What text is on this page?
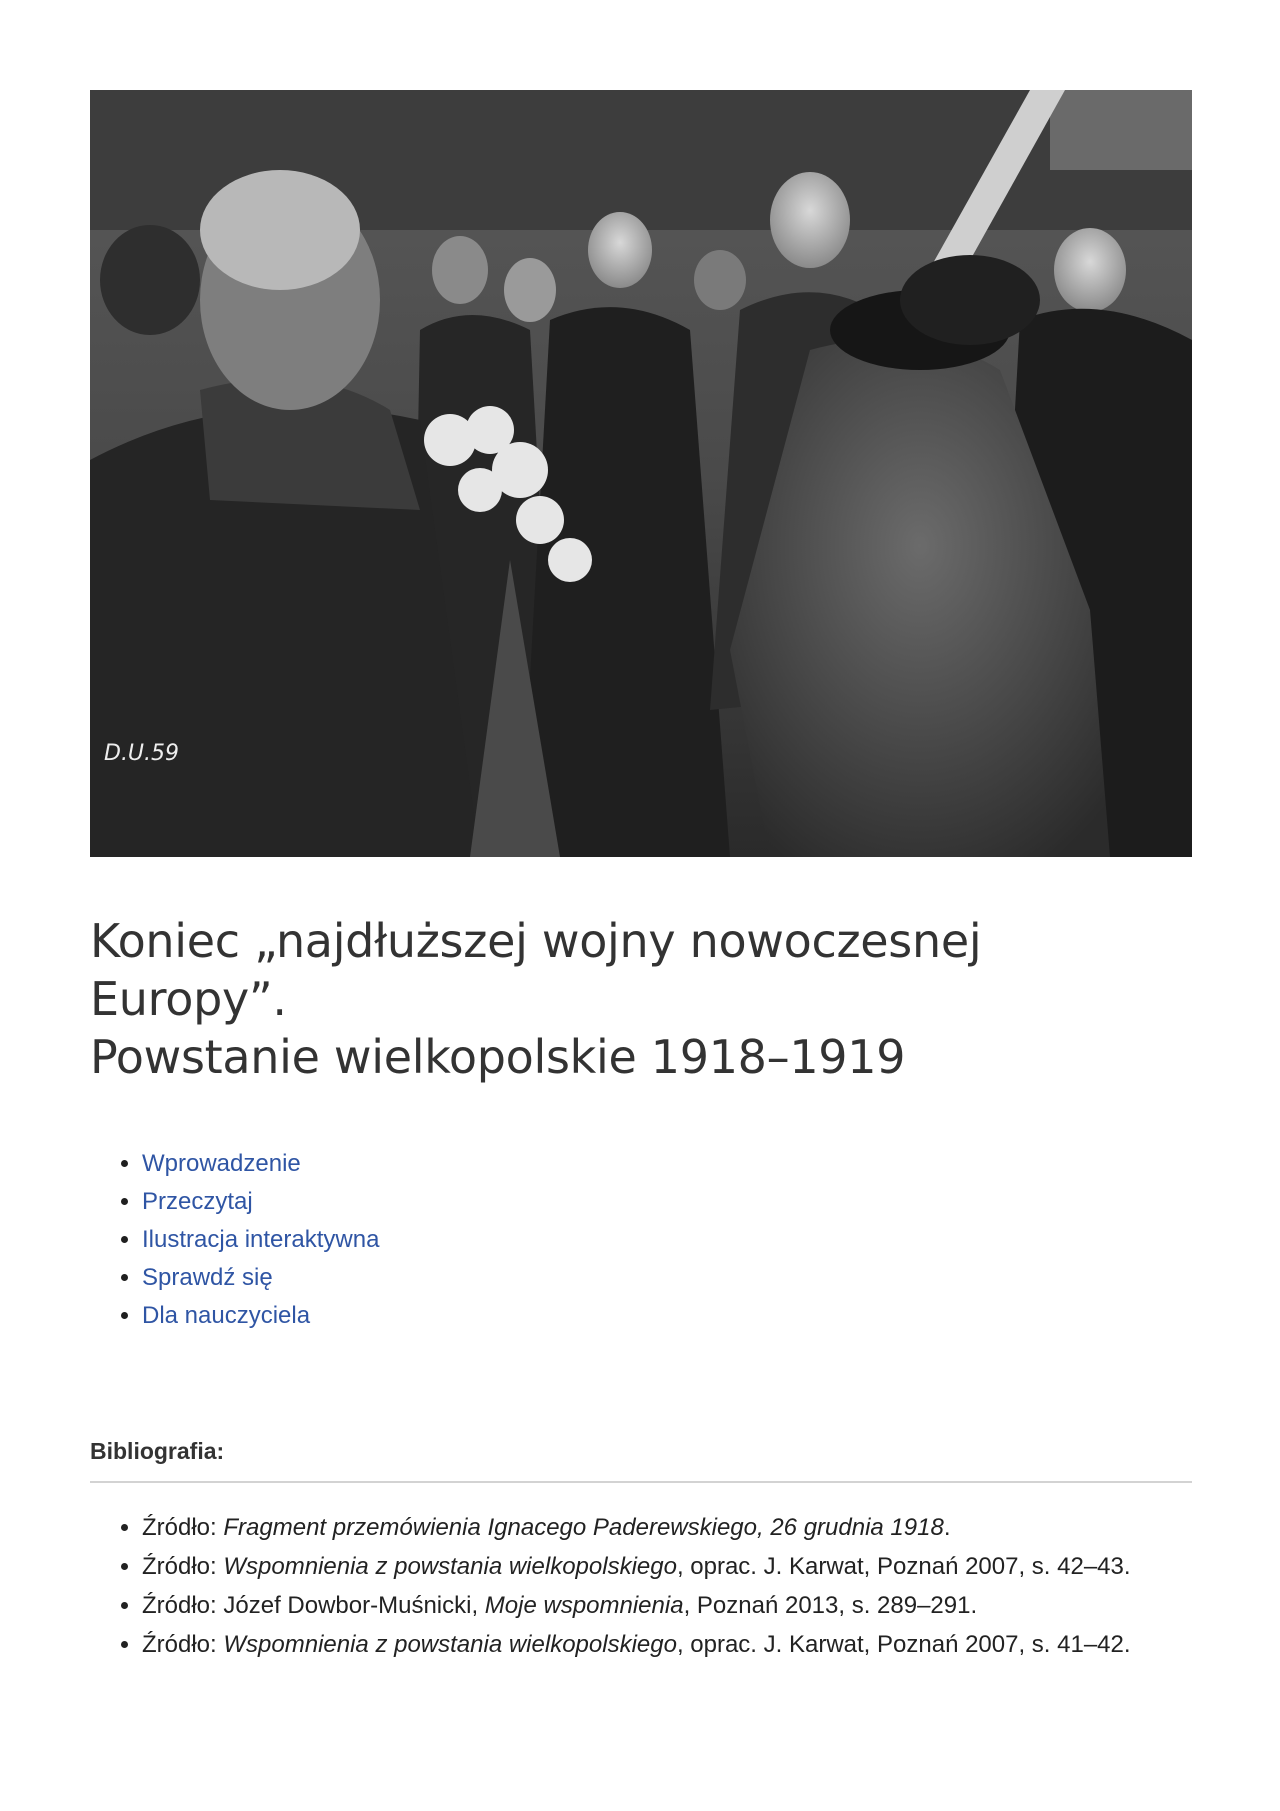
D.U.59
Koniec „najdłuższej wojny nowoczesnej Europy”.
Powstanie wielkopolskie 1918–1919
• Wprowadzenie
• Przeczytaj
• Ilustracja interaktywna
• Sprawdź się
• Dla nauczyciela
Bibliografia:
• Źródło: Fragment przemówienia Ignacego Paderewskiego, 26 grudnia 1918.
• Źródło: Wspomnienia z powstania wielkopolskiego, oprac. J. Karwat, Poznań 2007, s. 42–43.
• Źródło: Józef Dowbor-Muśnicki, Moje wspomnienia, Poznań 2013, s. 289–291.
• Źródło: Wspomnienia z powstania wielkopolskiego, oprac. J. Karwat, Poznań 2007, s. 41–42.
